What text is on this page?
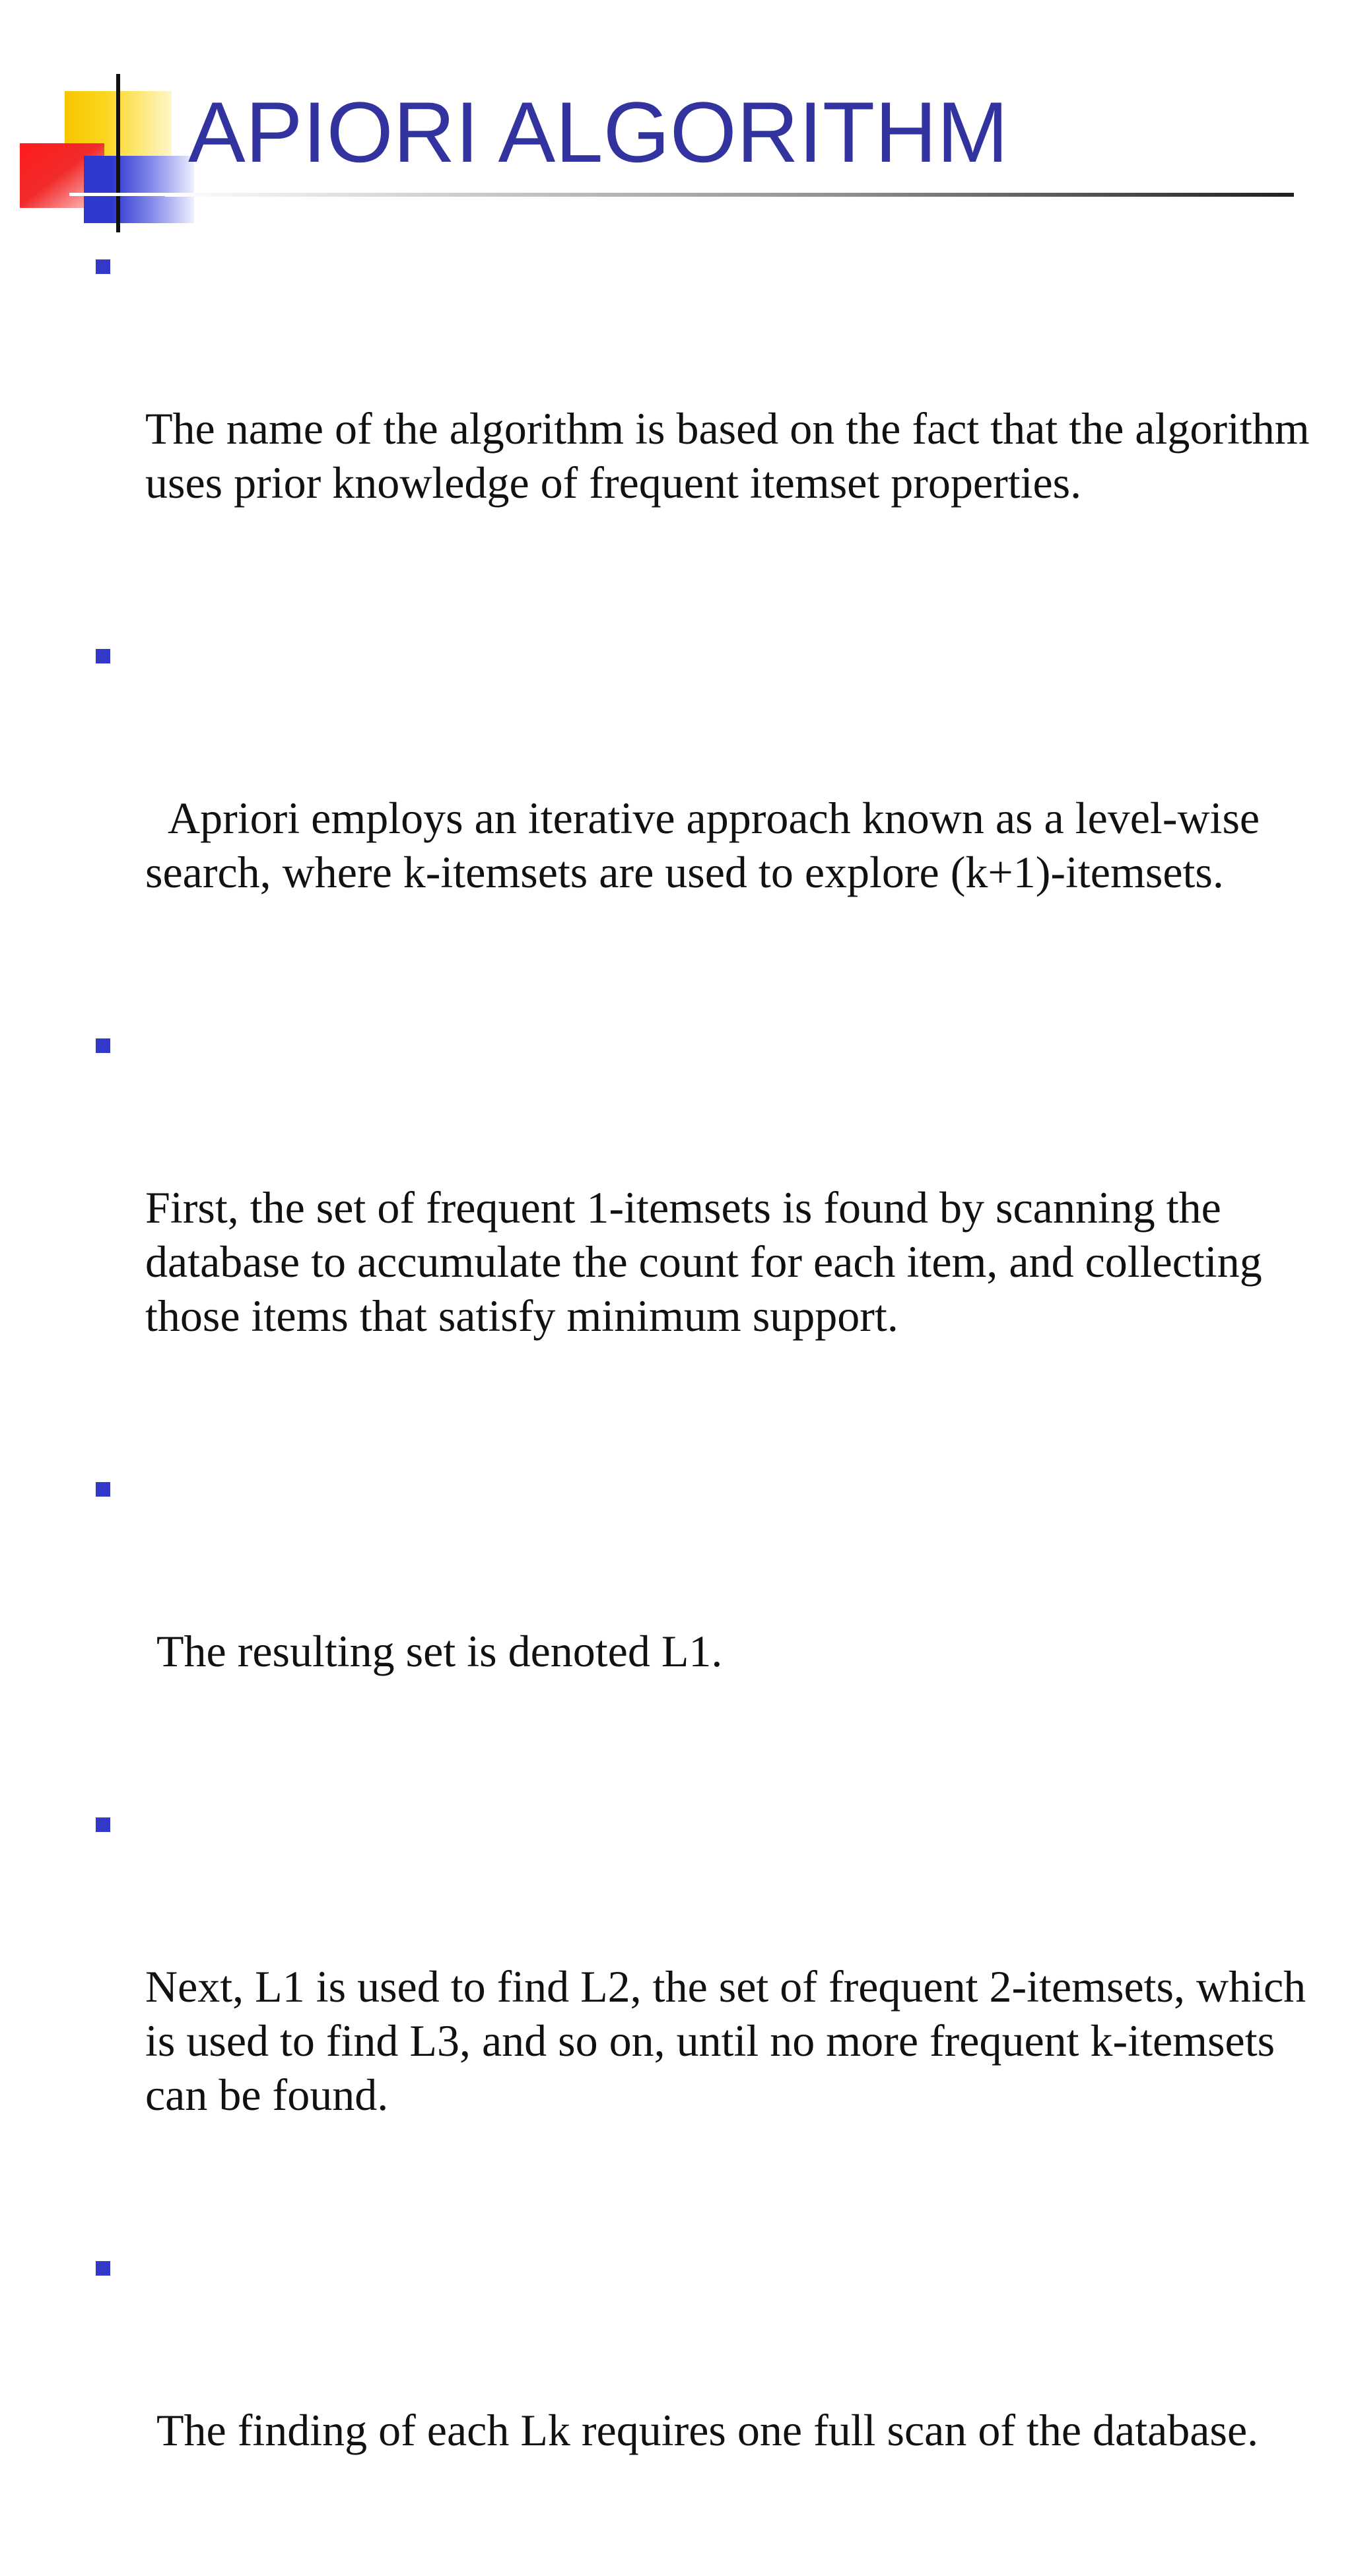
APIORI ALGORITHM

The name of the algorithm is based on the fact that the algorithm uses prior knowledge of frequent itemset properties.

Apriori employs an iterative approach known as a level-wise search, where k-itemsets are used to explore (k+1)-itemsets.

First, the set of frequent 1-itemsets is found by scanning the database to accumulate the count for each item, and collecting those items that satisfy minimum support.

The resulting set is denoted L1.

Next, L1 is used to find L2, the set of frequent 2-itemsets, which is used to find L3, and so on, until no more frequent k-itemsets can be found.

The finding of each Lk requires one full scan of the database.
